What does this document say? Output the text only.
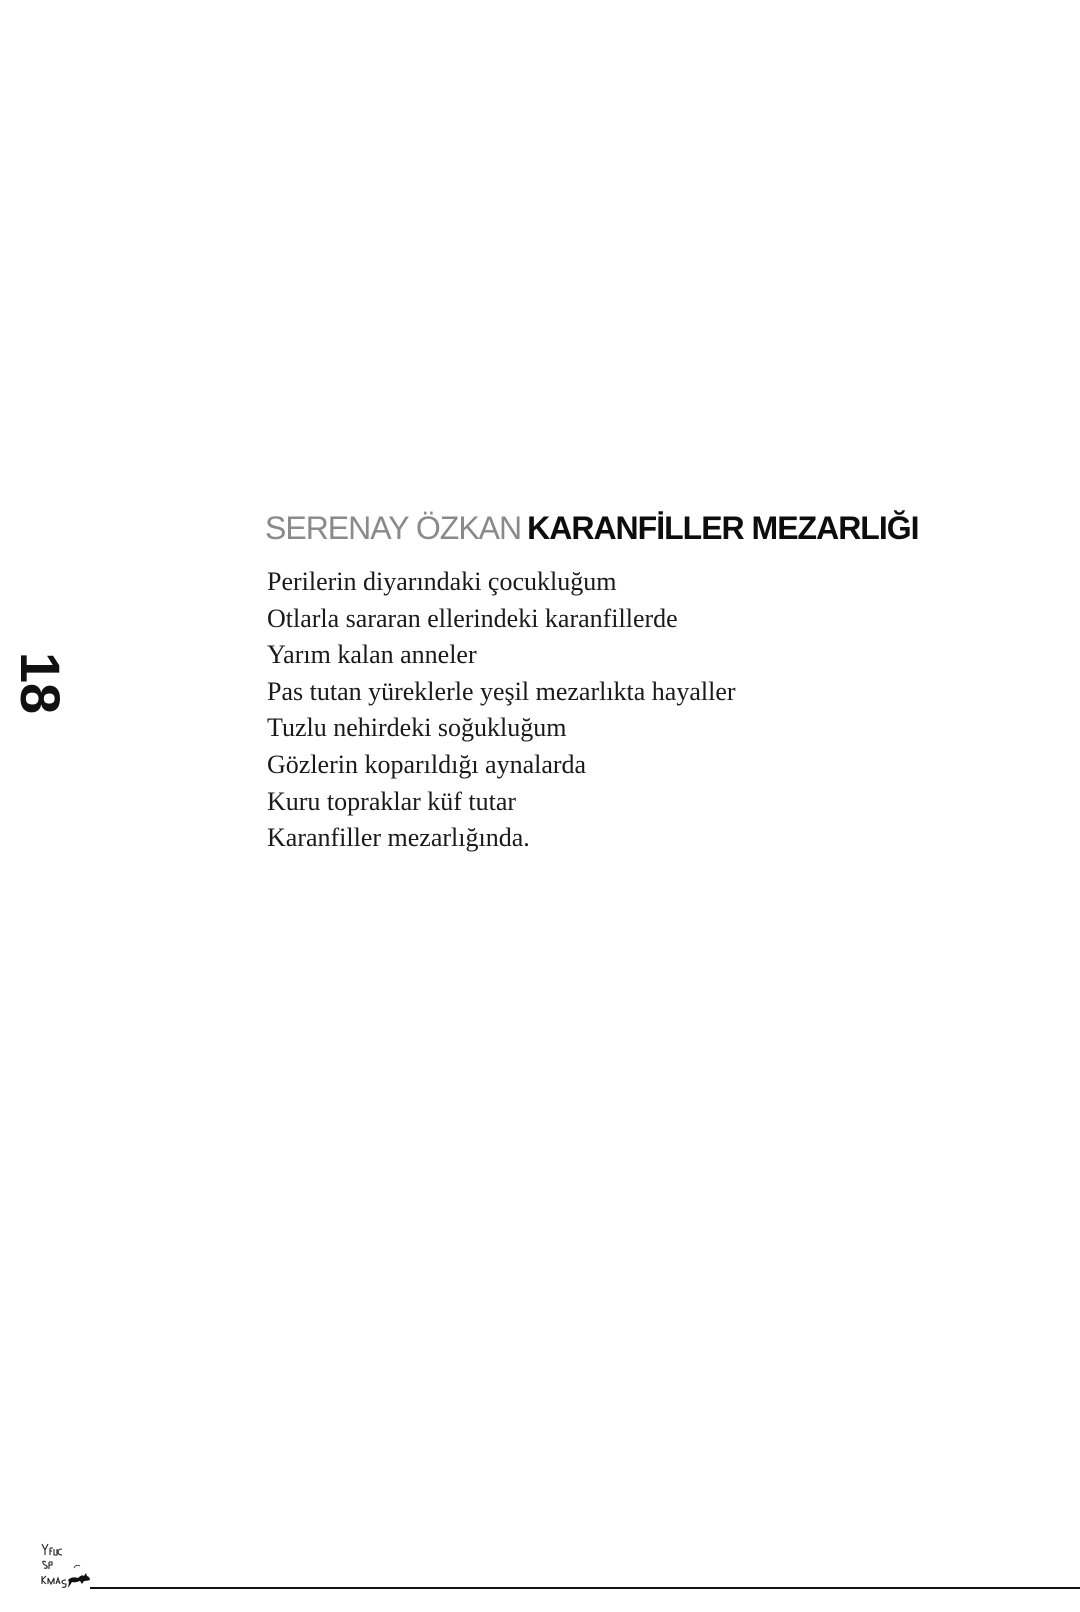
18
SERENAY ÖZKAN KARANFİLLER MEZARLIĞI
Perilerin diyarındaki çocukluğum
Otlarla sararan ellerindeki karanfillerde
Yarım kalan anneler
Pas tutan yüreklerle yeşil mezarlıkta hayaller
Tuzlu nehirdeki soğukluğum
Gözlerin koparıldığı aynalarda
Kuru topraklar küf tutar
Karanfiller mezarlığında.
